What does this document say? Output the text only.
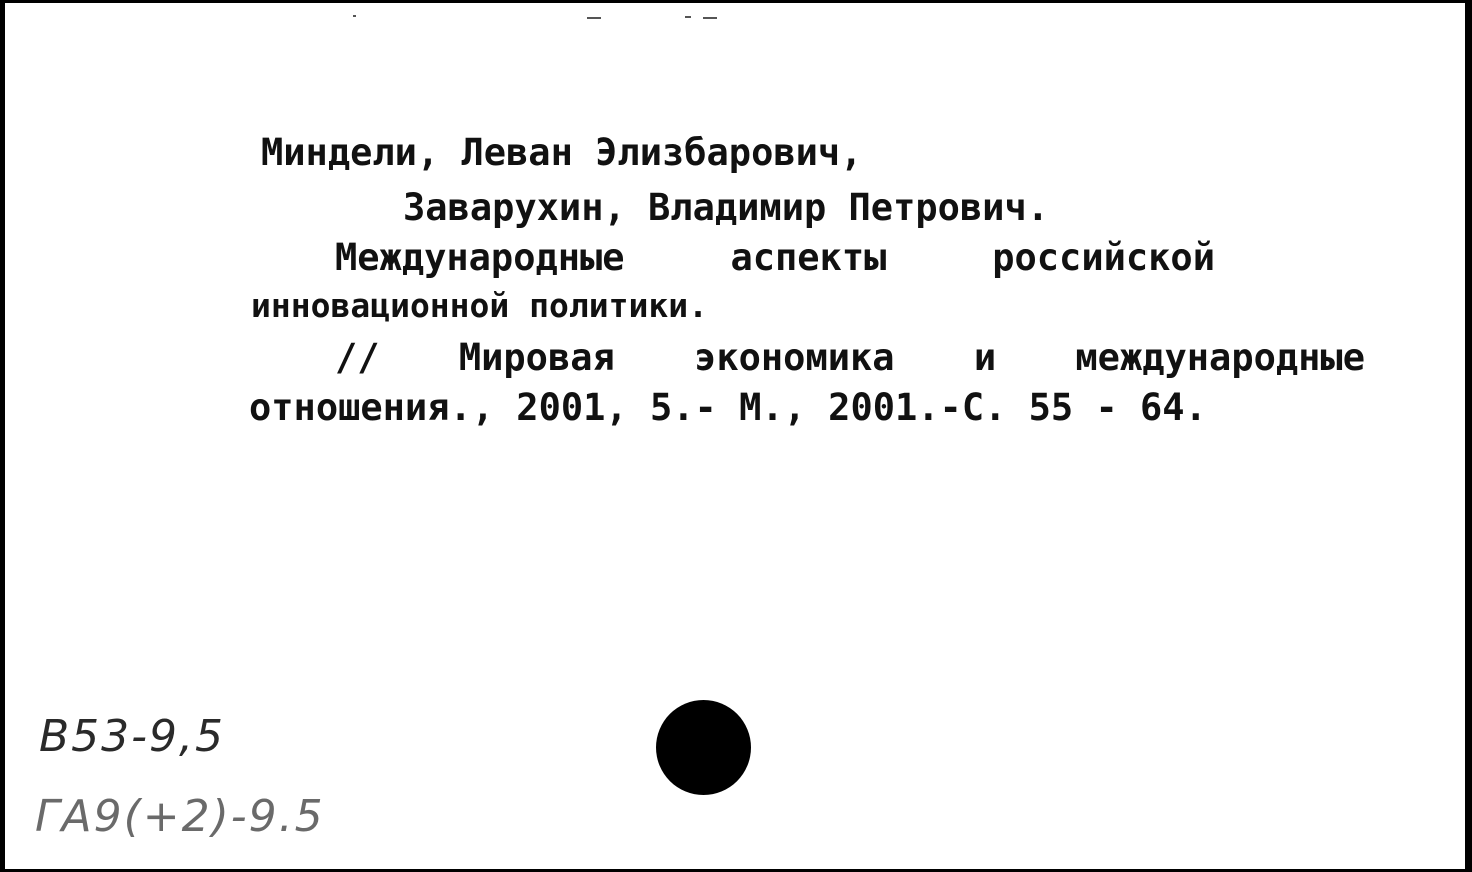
Миндели, Леван Элизбарович,
Заварухин, Владимир Петрович.
Международные	аспекты	российской
инновационной политики.
// Мировая экономика и международные
отношения., 2001, 5.- М., 2001.-С. 55 - 64.
B53-9,5
ГА9(+2)-9.5
